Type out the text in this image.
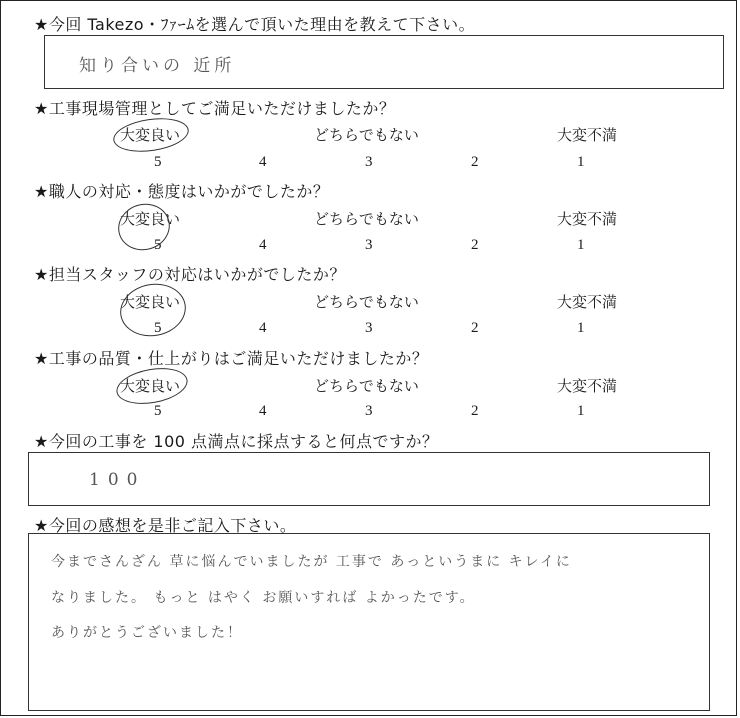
★今回 Takezo・ﾌｧｰﾑを選んで頂いた理由を教えて下さい。
知り合いの 近所
★工事現場管理としてご満足いただけましたか？
大変良い	どちらでもない	大変不満
5	4	3	2	1
★職人の対応・態度はいかがでしたか？
大変良い	どちらでもない	大変不満
5	4	3	2	1
★担当スタッフの対応はいかがでしたか？
大変良い	どちらでもない	大変不満
5	4	3	2	1
★工事の品質・仕上がりはご満足いただけましたか？
大変良い	どちらでもない	大変不満
5	4	3	2	1
★今回の工事を 100 点満点に採点すると何点ですか？
100
★今回の感想を是非ご記入下さい。
今までさんざん 草に悩んでいましたが 工事で あっというまに キレイに
なりました。 もっと はやく お願いすれば よかったです。
ありがとうございました！
